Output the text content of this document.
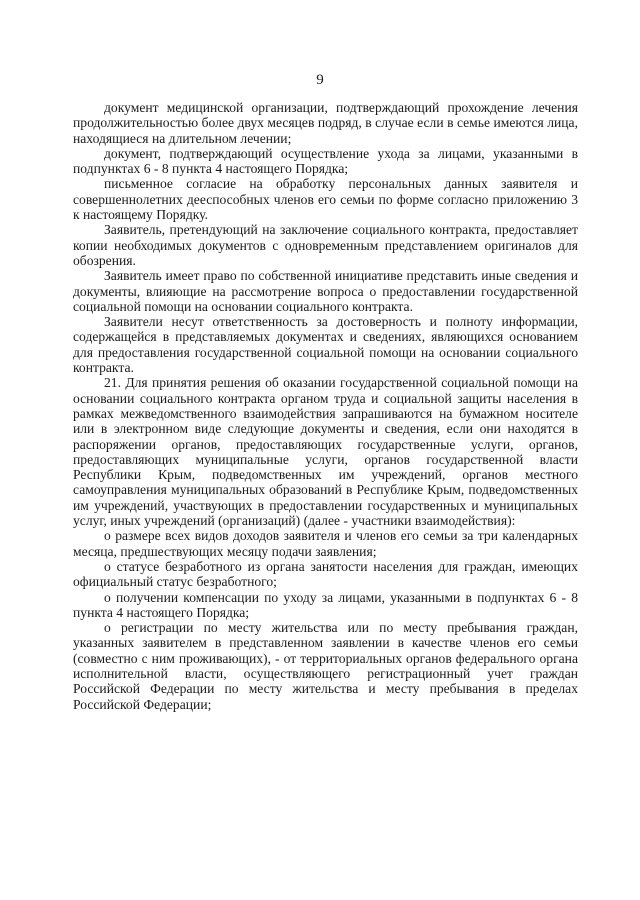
9

документ медицинской организации, подтверждающий прохождение лечения продолжительностью более двух месяцев подряд, в случае если в семье имеются лица, находящиеся на длительном лечении;

документ, подтверждающий осуществление ухода за лицами, указанными в подпунктах 6 - 8 пункта 4 настоящего Порядка;

письменное согласие на обработку персональных данных заявителя и совершеннолетних дееспособных членов его семьи по форме согласно приложению 3 к настоящему Порядку.

Заявитель, претендующий на заключение социального контракта, предоставляет копии необходимых документов с одновременным представлением оригиналов для обозрения.

Заявитель имеет право по собственной инициативе представить иные сведения и документы, влияющие на рассмотрение вопроса о предоставлении государственной социальной помощи на основании социального контракта.

Заявители несут ответственность за достоверность и полноту информации, содержащейся в представляемых документах и сведениях, являющихся основанием для предоставления государственной социальной помощи на основании социального контракта.

21. Для принятия решения об оказании государственной социальной помощи на основании социального контракта органом труда и социальной защиты населения в рамках межведомственного взаимодействия запрашиваются на бумажном носителе или в электронном виде следующие документы и сведения, если они находятся в распоряжении органов, предоставляющих государственные услуги, органов, предоставляющих муниципальные услуги, органов государственной власти Республики Крым, подведомственных им учреждений, органов местного самоуправления муниципальных образований в Республике Крым, подведомственных им учреждений, участвующих в предоставлении государственных и муниципальных услуг, иных учреждений (организаций) (далее - участники взаимодействия):

о размере всех видов доходов заявителя и членов его семьи за три календарных месяца, предшествующих месяцу подачи заявления;

о статусе безработного из органа занятости населения для граждан, имеющих официальный статус безработного;

о получении компенсации по уходу за лицами, указанными в подпунктах 6 - 8 пункта 4 настоящего Порядка;

о регистрации по месту жительства или по месту пребывания граждан, указанных заявителем в представленном заявлении в качестве членов его семьи (совместно с ним проживающих), - от территориальных органов федерального органа исполнительной власти, осуществляющего регистрационный учет граждан Российской Федерации по месту жительства и месту пребывания в пределах Российской Федерации;
